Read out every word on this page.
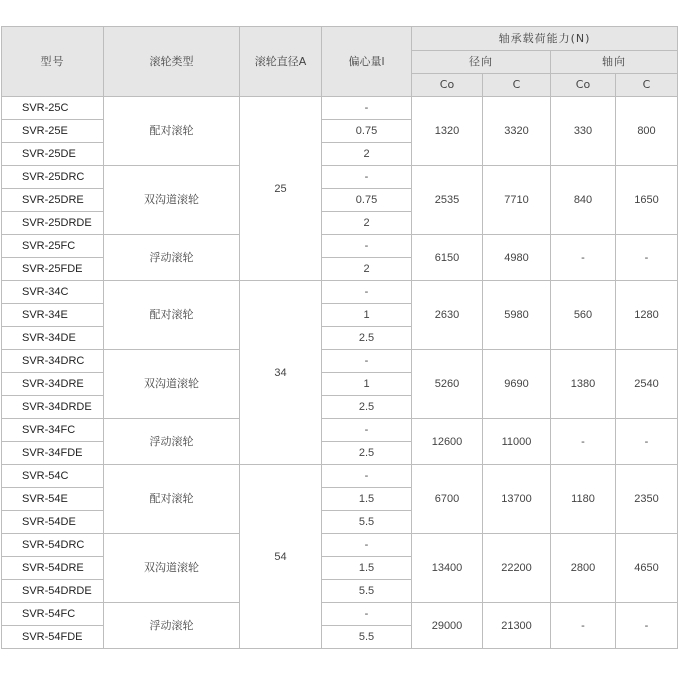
型号	滚轮类型	滚轮直径A	偏心量l	轴承载荷能力(N)			
				径向		轴向	
				Co	C	Co	C
SVR-25C	配对滚轮	25	-	1320	3320	330	800
SVR-25E			0.75				
SVR-25DE			2				
SVR-25DRC	双沟道滚轮		-	2535	7710	840	1650
SVR-25DRE			0.75				
SVR-25DRDE			2				
SVR-25FC	浮动滚轮		-	6150	4980	-	-
SVR-25FDE			2				
SVR-34C	配对滚轮	34	-	2630	5980	560	1280
SVR-34E			1				
SVR-34DE			2.5				
SVR-34DRC	双沟道滚轮		-	5260	9690	1380	2540
SVR-34DRE			1				
SVR-34DRDE			2.5				
SVR-34FC	浮动滚轮		-	12600	11000	-	-
SVR-34FDE			2.5				
SVR-54C	配对滚轮	54	-	6700	13700	1180	2350
SVR-54E			1.5				
SVR-54DE			5.5				
SVR-54DRC	双沟道滚轮		-	13400	22200	2800	4650
SVR-54DRE			1.5				
SVR-54DRDE			5.5				
SVR-54FC	浮动滚轮		-	29000	21300	-	-
SVR-54FDE			5.5				
